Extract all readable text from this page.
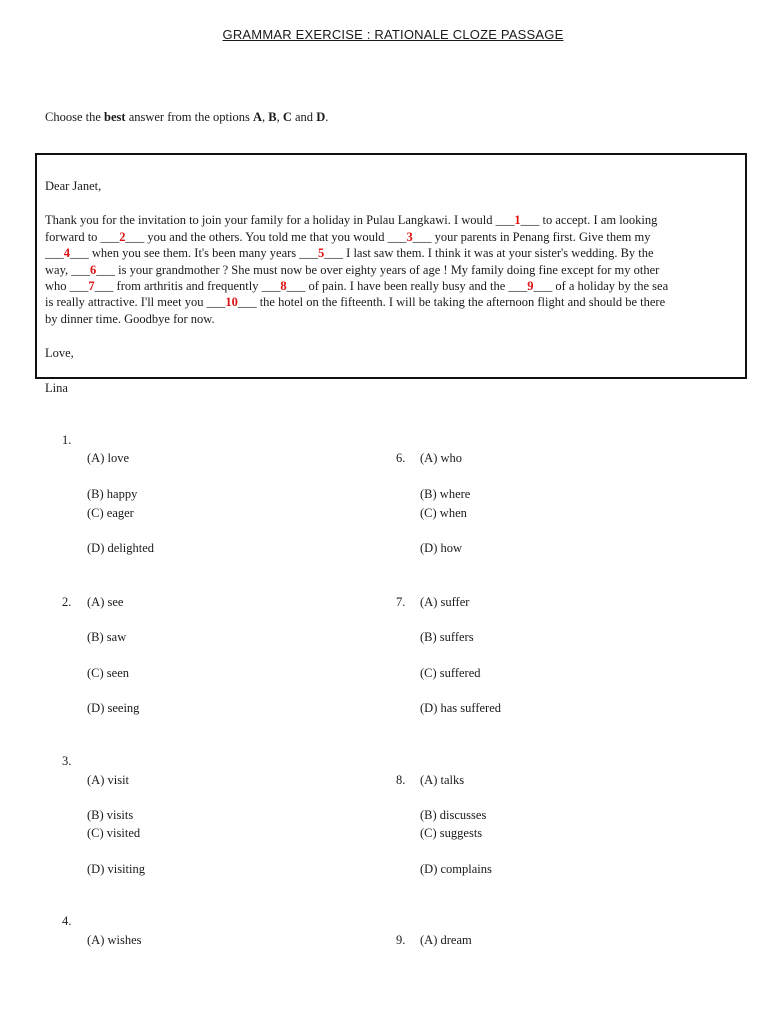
GRAMMAR EXERCISE : RATIONALE CLOZE PASSAGE
Choose the best answer from the options A, B, C and D.
Dear Janet,
Thank you for the invitation to join your family for a holiday in Pulau Langkawi. I would ___1___ to accept. I am looking
forward to ___2___ you and the others. You told me that you would ___3___ your parents in Penang first. Give them my
___4___ when you see them. It's been many years ___5___ I last saw them. I think it was at your sister's wedding. By the
way, ___6___ is your grandmother ? She must now be over eighty years of age ! My family doing fine except for my other
who ___7___ from arthritis and frequently ___8___ of pain. I have been really busy and the ___9___ of a holiday by the sea
is really attractive. I'll meet you ___10___ the hotel on the fifteenth. I will be taking the afternoon flight and should be there
by dinner time. Goodbye for now.
Love,
Lina
1.
(A) love
(B) happy
(C) eager
(D) delighted
6. (A) who
(B) where
(C) when
(D) how
2. (A) see
(B) saw
(C) seen
(D) seeing
7. (A) suffer
(B) suffers
(C) suffered
(D) has suffered
3.
(A) visit
(B) visits
(C) visited
(D) visiting
8. (A) talks
(B) discusses
(C) suggests
(D) complains
4.
(A) wishes	9. (A) dream
